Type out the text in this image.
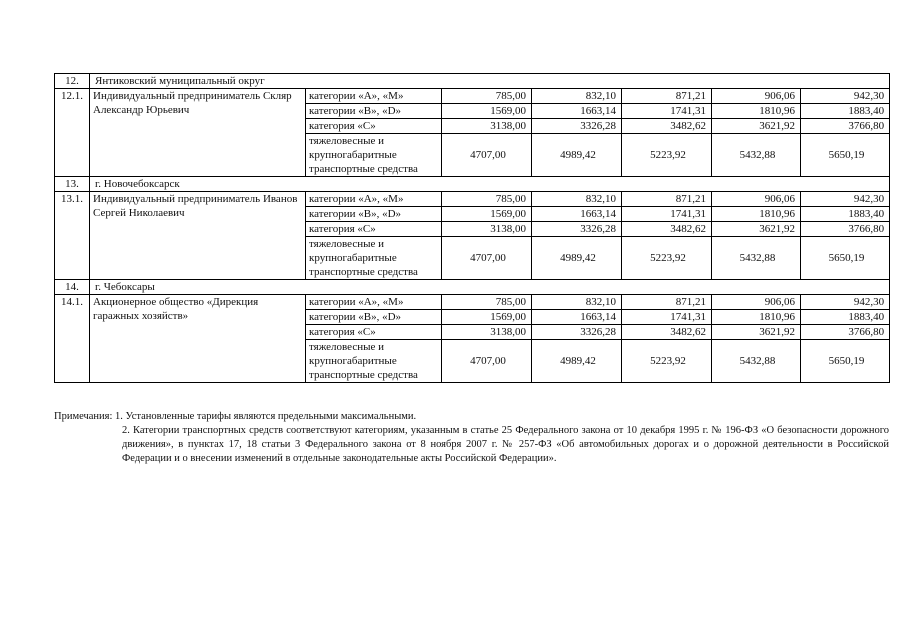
12.	Янтиковский муниципальный округ						
12.1.	Индивидуальный предприниматель Скляр Александр Юрьевич	категории «А», «М»	785,00	832,10	871,21	906,06	942,30
		категории «В», «D»	1569,00	1663,14	1741,31	1810,96	1883,40
		категория «С»	3138,00	3326,28	3482,62	3621,92	3766,80
		тяжеловесные и крупногабаритные транспортные средства	4707,00	4989,42	5223,92	5432,88	5650,19
13.	г. Новочебоксарск						
13.1.	Индивидуальный предприниматель Иванов Сергей Николаевич	категории «А», «М»	785,00	832,10	871,21	906,06	942,30
		категории «В», «D»	1569,00	1663,14	1741,31	1810,96	1883,40
		категория «С»	3138,00	3326,28	3482,62	3621,92	3766,80
		тяжеловесные и крупногабаритные транспортные средства	4707,00	4989,42	5223,92	5432,88	5650,19
14.	г. Чебоксары						
14.1.	Акционерное общество «Дирекция гаражных хозяйств»	категории «А», «М»	785,00	832,10	871,21	906,06	942,30
		категории «В», «D»	1569,00	1663,14	1741,31	1810,96	1883,40
		категория «С»	3138,00	3326,28	3482,62	3621,92	3766,80
		тяжеловесные и крупногабаритные транспортные средства	4707,00	4989,42	5223,92	5432,88	5650,19
Примечания: 1. Установленные тарифы являются предельными максимальными.
2. Категории транспортных средств соответствуют категориям, указанным в статье 25 Федерального закона от 10 декабря 1995 г. № 196-ФЗ «О безопасности дорожного движения», в пунктах 17, 18 статьи 3 Федерального закона от 8 ноября 2007 г. № 257-ФЗ «Об автомобильных дорогах и о дорожной деятельности в Российской Федерации и о внесении изменений в отдельные законодательные акты Российской Федерации».
